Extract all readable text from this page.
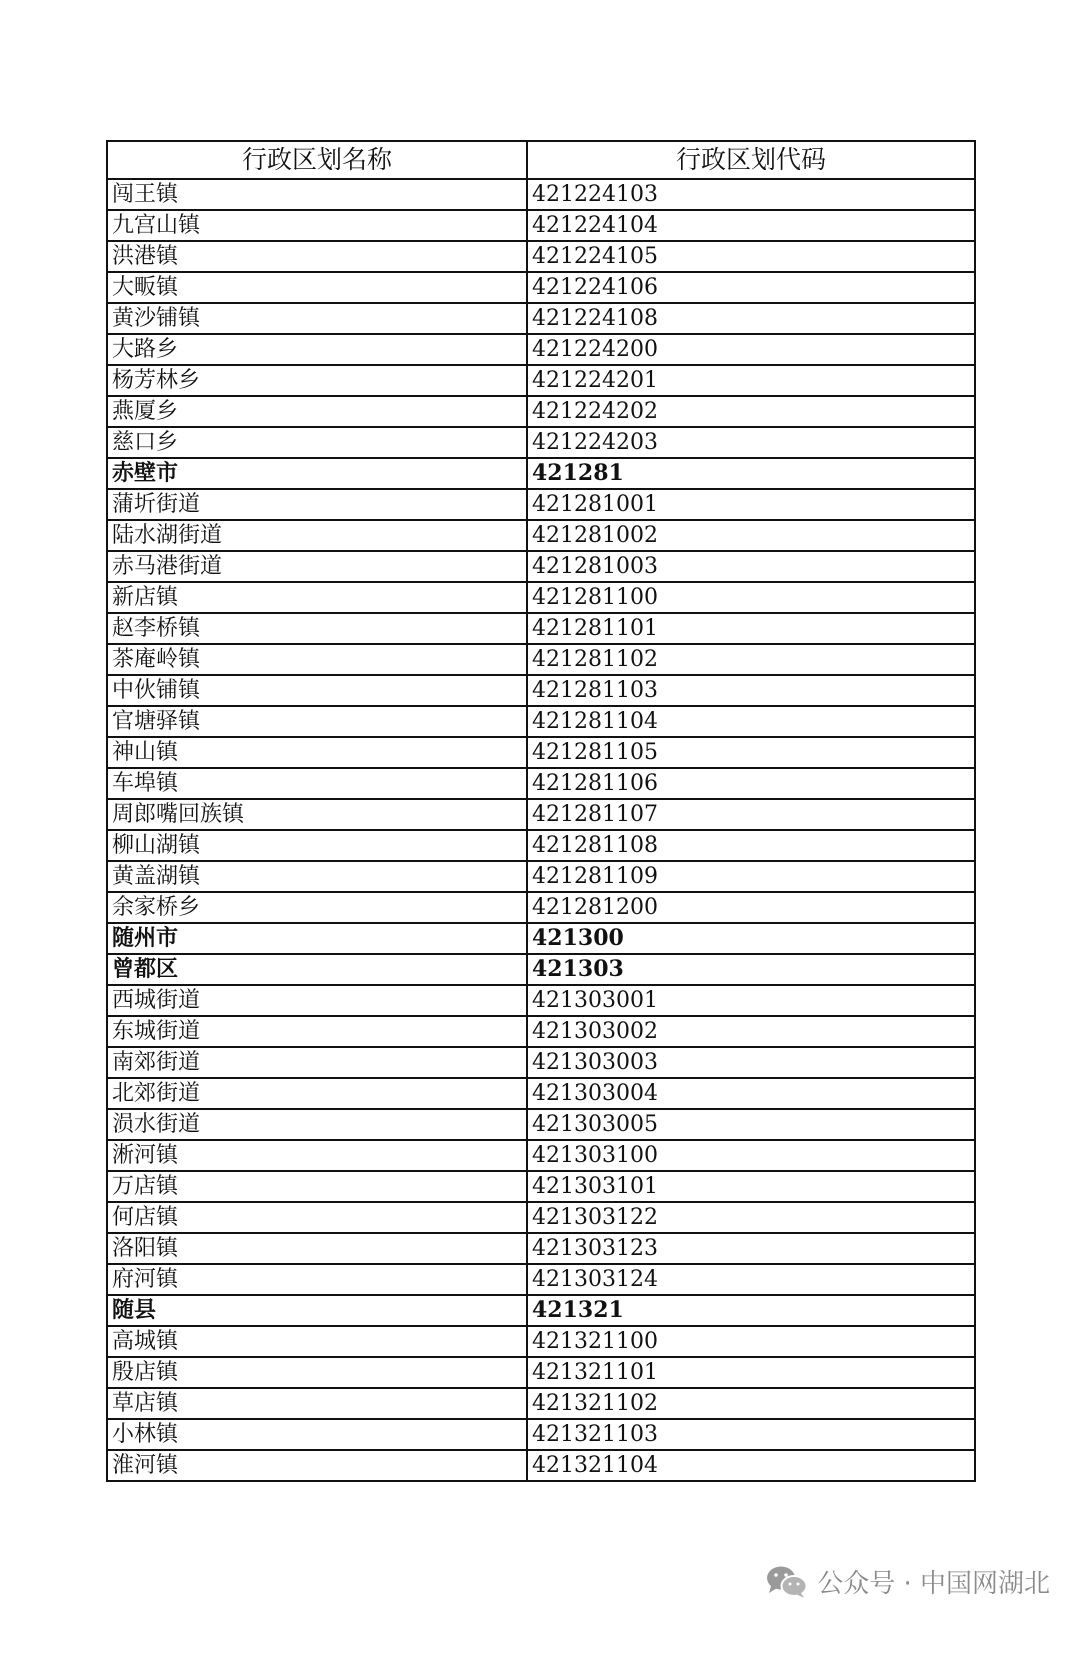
行政区划名称	行政区划代码
闯王镇	421224103
九宫山镇	421224104
洪港镇	421224105
大畈镇	421224106
黄沙铺镇	421224108
大路乡	421224200
杨芳林乡	421224201
燕厦乡	421224202
慈口乡	421224203
赤壁市	421281
蒲圻街道	421281001
陆水湖街道	421281002
赤马港街道	421281003
新店镇	421281100
赵李桥镇	421281101
茶庵岭镇	421281102
中伙铺镇	421281103
官塘驿镇	421281104
神山镇	421281105
车埠镇	421281106
周郎嘴回族镇	421281107
柳山湖镇	421281108
黄盖湖镇	421281109
余家桥乡	421281200
随州市	421300
曾都区	421303
西城街道	421303001
东城街道	421303002
南郊街道	421303003
北郊街道	421303004
涢水街道	421303005
淅河镇	421303100
万店镇	421303101
何店镇	421303122
洛阳镇	421303123
府河镇	421303124
随县	421321
高城镇	421321100
殷店镇	421321101
草店镇	421321102
小林镇	421321103
淮河镇	421321104
公众号 · 中国网湖北
